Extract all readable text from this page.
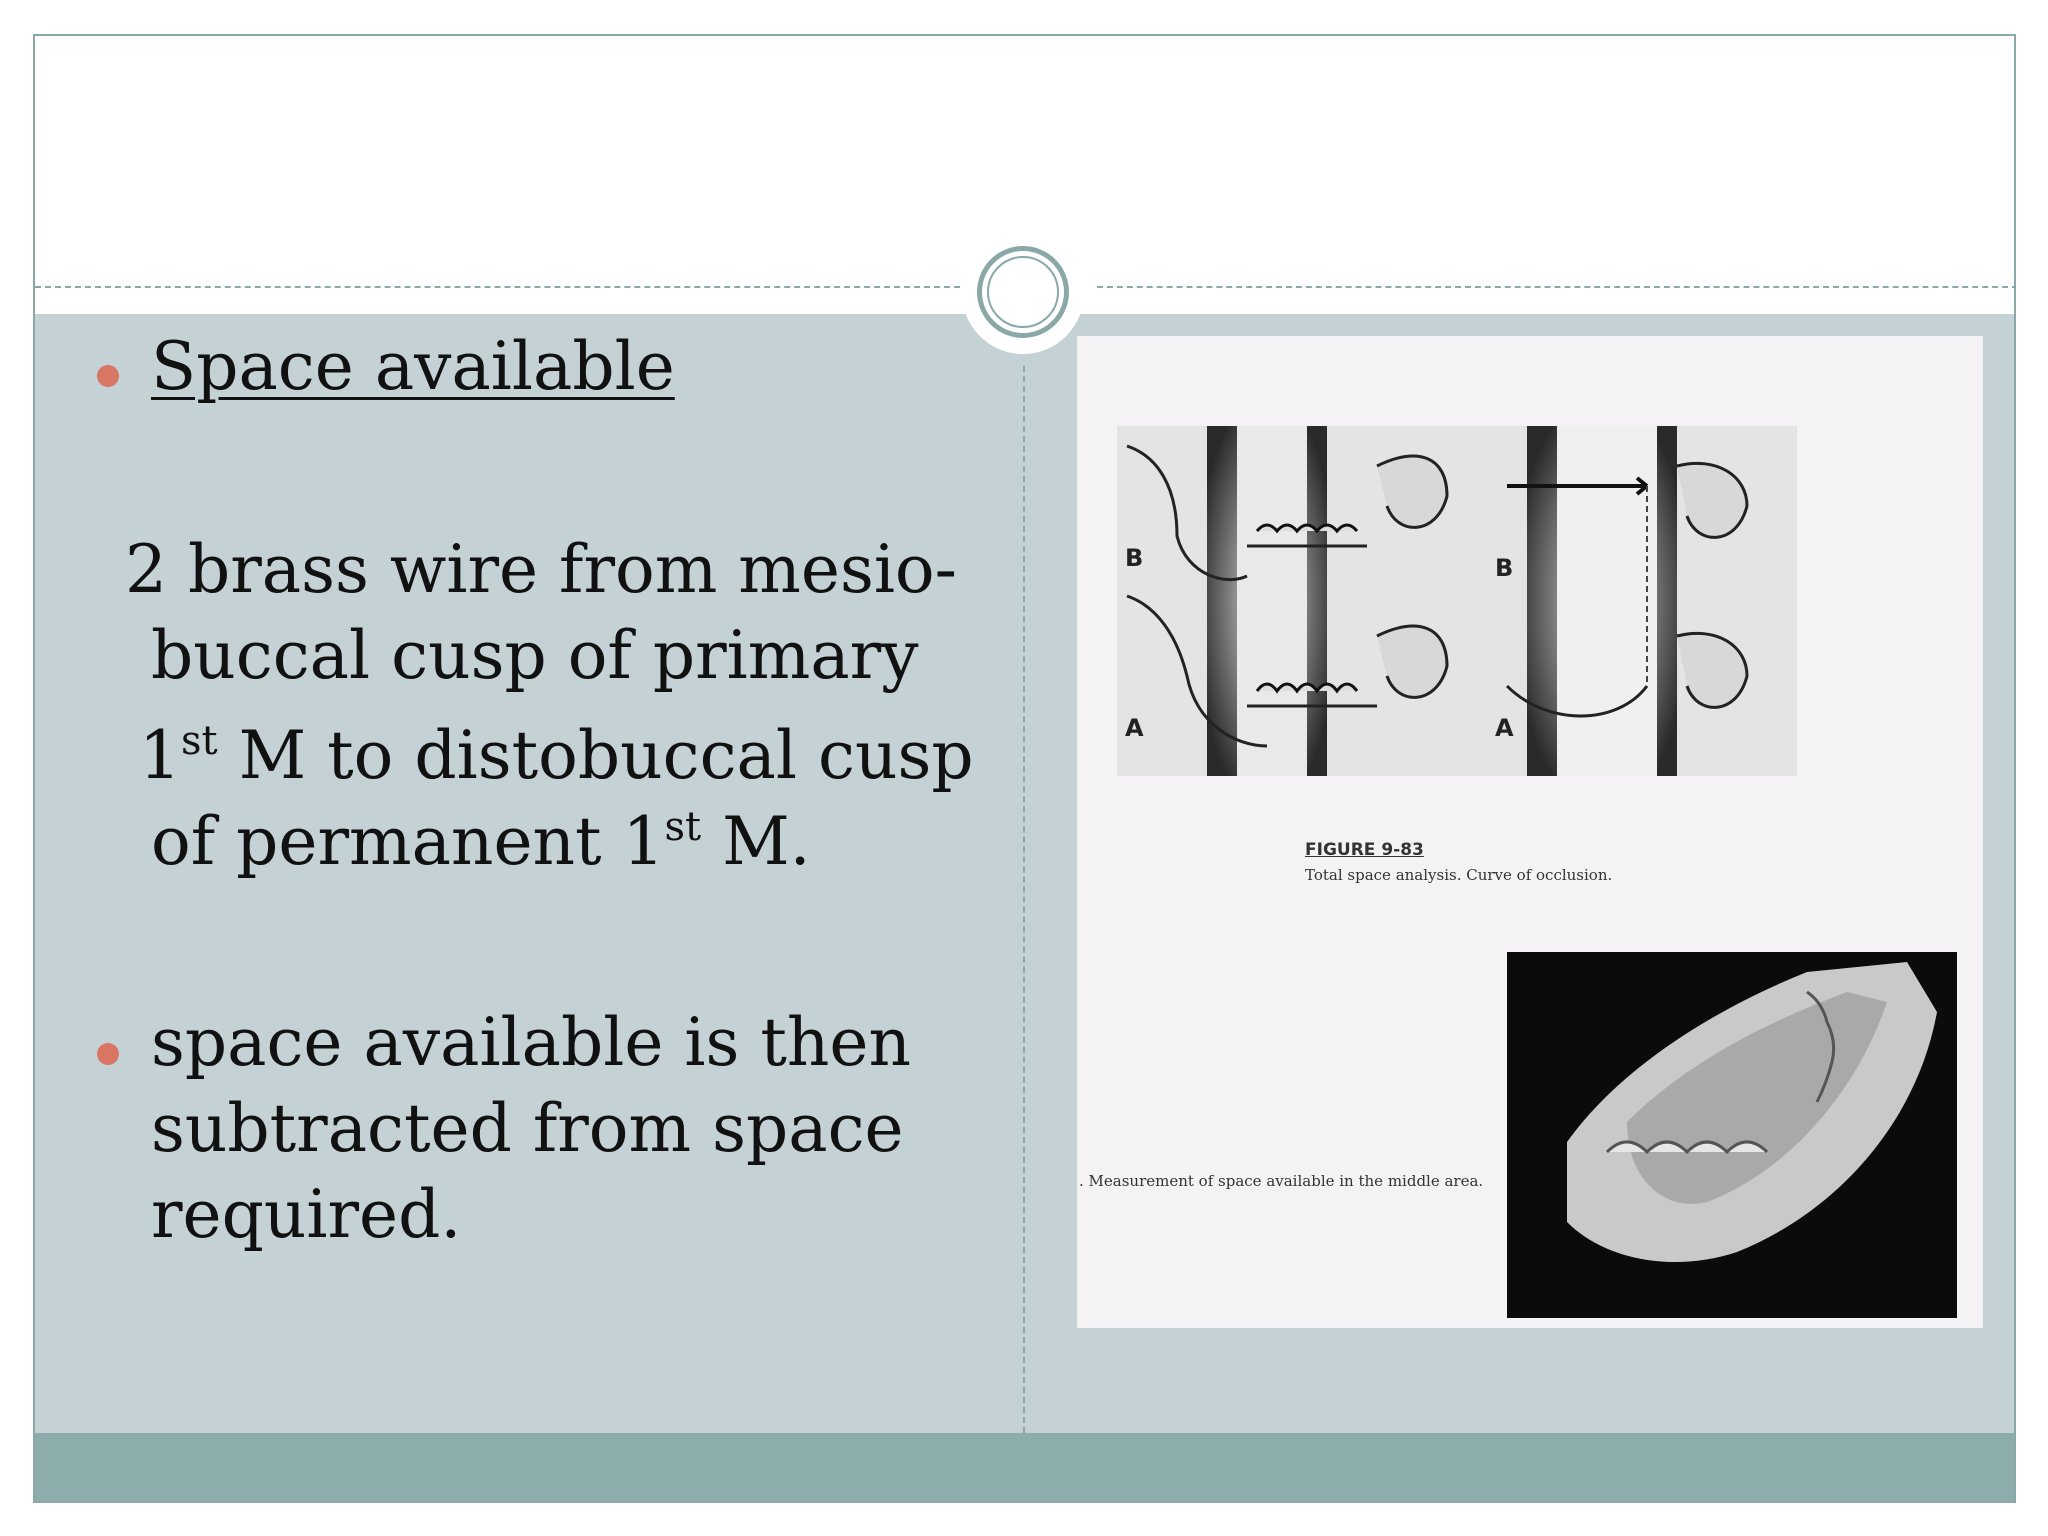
Space available
2 brass wire from mesio-
buccal cusp of primary
1st M to distobuccal cusp
of permanent 1st M.
space available is then
subtracted from space
required.
B
A
B
A
FIGURE 9-83
Total space analysis. Curve of occlusion.
. Measurement of space available in the middle area.
